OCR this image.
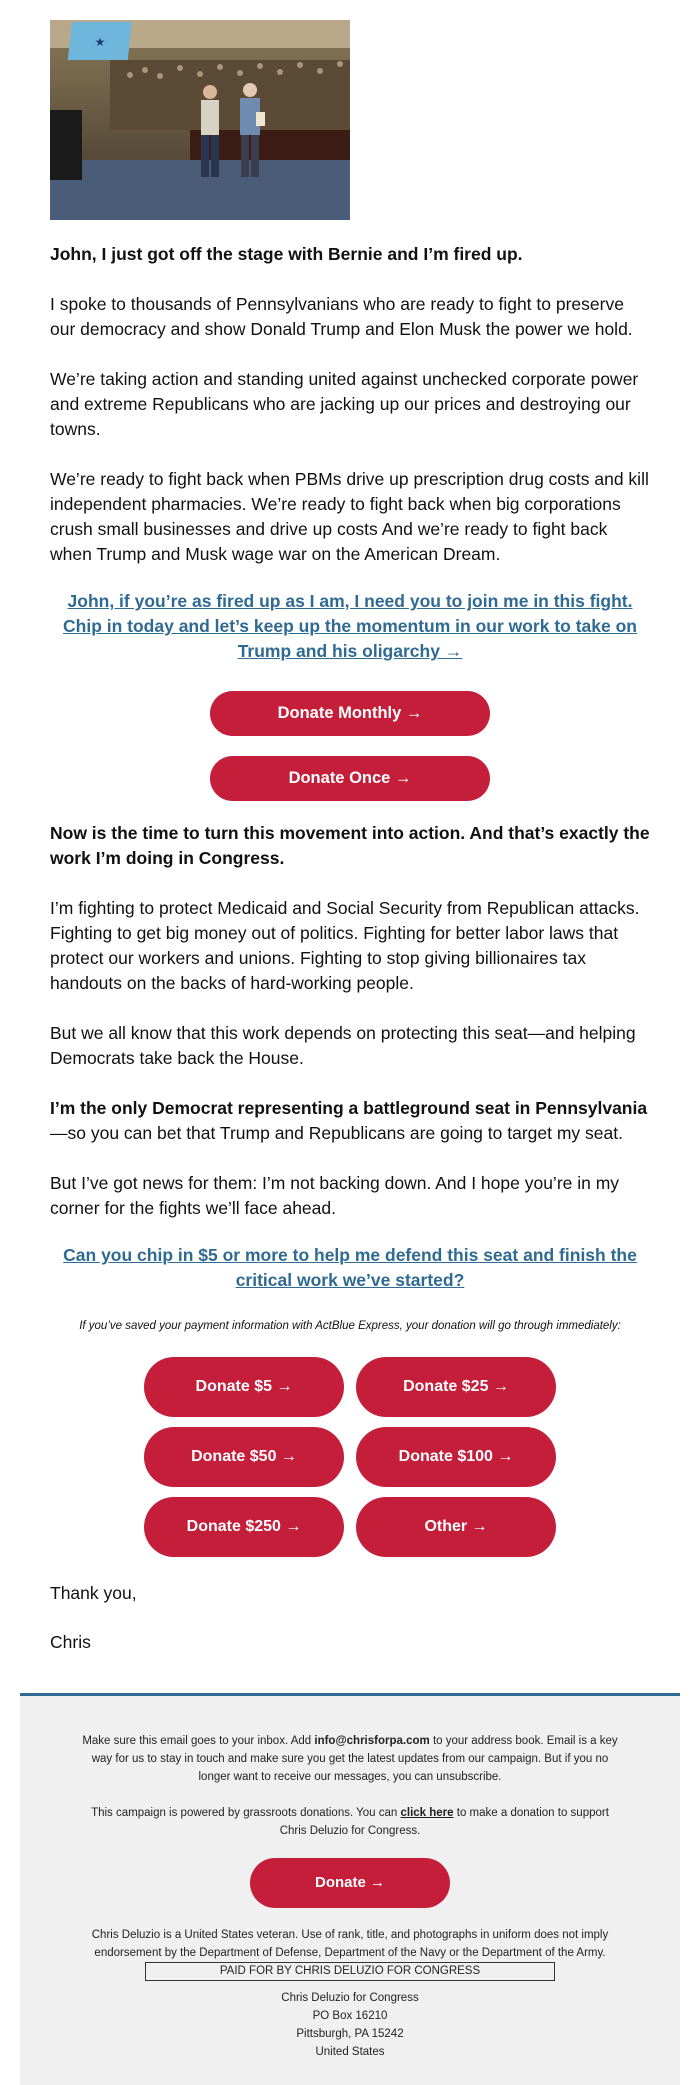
★

John, I just got off the stage with Bernie and I’m fired up.

I spoke to thousands of Pennsylvanians who are ready to fight to preserve our democracy and show Donald Trump and Elon Musk the power we hold.

We’re taking action and standing united against unchecked corporate power and extreme Republicans who are jacking up our prices and destroying our towns.

We’re ready to fight back when PBMs drive up prescription drug costs and kill independent pharmacies. We’re ready to fight back when big corporations crush small businesses and drive up costs And we’re ready to fight back when Trump and Musk wage war on the American Dream.

John, if you’re as fired up as I am, I need you to join me in this fight. Chip in today and let’s keep up the momentum in our work to take on Trump and his oligarchy →

Donate Monthly →
Donate Once →

Now is the time to turn this movement into action. And that’s exactly the work I’m doing in Congress.

I’m fighting to protect Medicaid and Social Security from Republican attacks. Fighting to get big money out of politics. Fighting for better labor laws that protect our workers and unions. Fighting to stop giving billionaires tax handouts on the backs of hard-working people.

But we all know that this work depends on protecting this seat—and helping Democrats take back the House.

I’m the only Democrat representing a battleground seat in Pennsylvania—so you can bet that Trump and Republicans are going to target my seat.

But I’ve got news for them: I’m not backing down. And I hope you’re in my corner for the fights we’ll face ahead.

Can you chip in $5 or more to help me defend this seat and finish the critical work we’ve started?

If you’ve saved your payment information with ActBlue Express, your donation will go through immediately:

Donate $5 →	Donate $25 →
Donate $50 →	Donate $100 →
Donate $250 →	Other →

Thank you,

Chris

Make sure this email goes to your inbox. Add info@chrisforpa.com to your address book. Email is a key way for us to stay in touch and make sure you get the latest updates from our campaign. But if you no longer want to receive our messages, you can unsubscribe.

This campaign is powered by grassroots donations. You can click here to make a donation to support Chris Deluzio for Congress.

Donate →

Chris Deluzio is a United States veteran. Use of rank, title, and photographs in uniform does not imply endorsement by the Department of Defense, Department of the Navy or the Department of the Army.

PAID FOR BY CHRIS DELUZIO FOR CONGRESS

Chris Deluzio for Congress

PO Box 16210

Pittsburgh, PA 15242

United States
